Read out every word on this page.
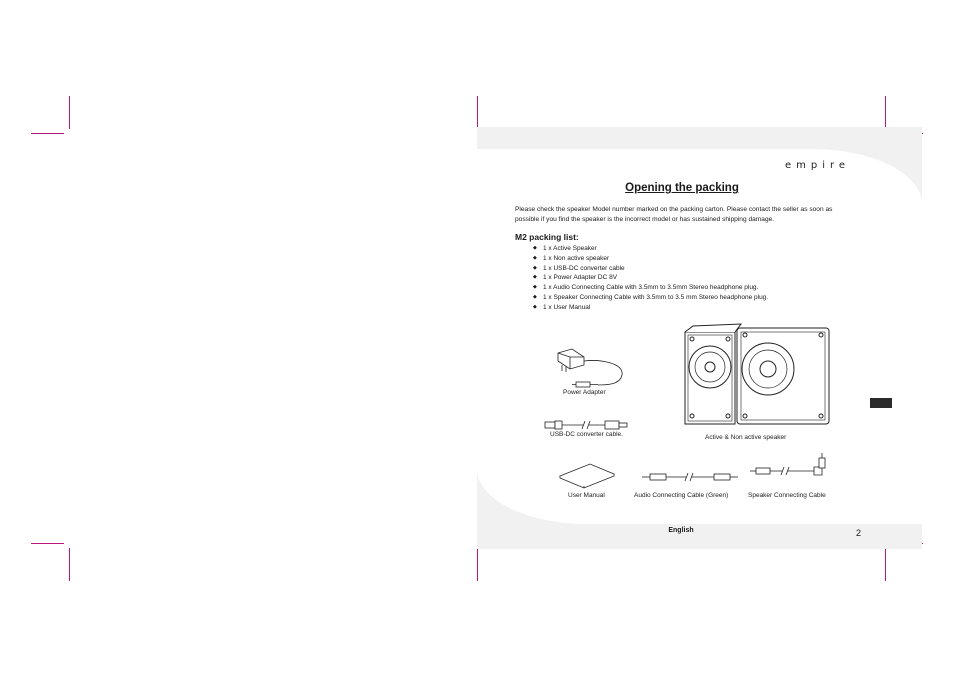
empire
Opening the packing
Please check the speaker Model number marked on the packing carton. Please contact the seller as soon as possible if you find the speaker is the incorrect model or has sustained shipping damage.
M2 packing list:
◆ 1 x Active Speaker
◆ 1 x Non active speaker
◆ 1 x USB-DC converter cable
◆ 1 x Power Adapter DC 8V
◆ 1 x Audio Connecting Cable with 3.5mm to 3.5mm Stereo headphone plug.
◆ 1 x Speaker Connecting Cable with 3.5mm to 3.5 mm Stereo headphone plug.
◆ 1 x User Manual
Power Adapter
USB-DC converter cable.	Active & Non active speaker
User Manual	Audio Connecting Cable (Green)	Speaker Connecting Cable
English	2
